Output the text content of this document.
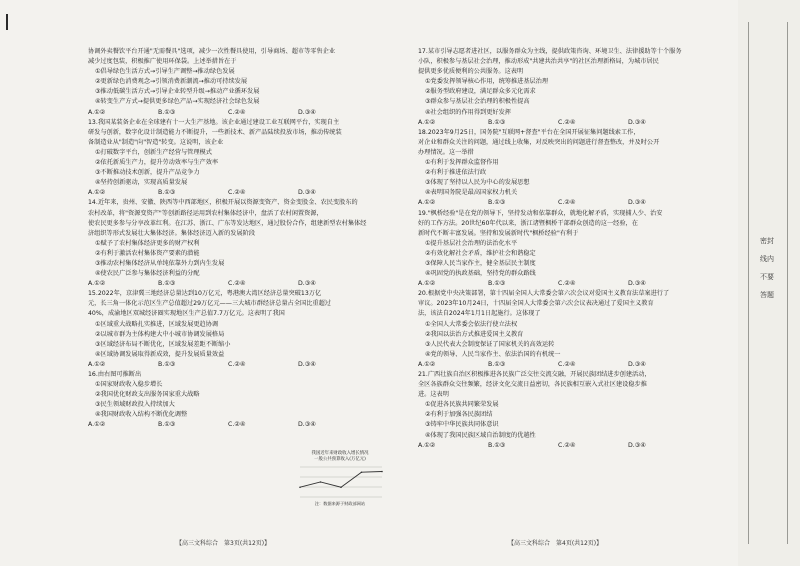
协调外卖餐饮平台开通"无需餐具"选项，减少一次性餐具使用，引导商场、超市等零售企业
减少过度包装，积极推广使用环保袋。上述举措旨在于
①倡导绿色生活方式→引导生产调整→推动绿色发展
②更新绿色消费观念→引领消费新潮流→推动可持续发展
③推动低碳生活方式→引导企业转型升级→推动产业循环发展
④转变生产方式→提供更多绿色产品→实现经济社会绿色发展
A.①②	B.①③	C.②④	D.③④
13.我国某装备企业在全球建有十一大生产基地。该企业通过建设工业互联网平台，实现自主
研发与创新，数字化设计制造能力不断提升，一些新技术、新产品陆续投放市场，推动传统装
备制造业从"制造"向"智造"转变。这说明，该企业
①打破数字平台，创新生产经营与管理模式
②依托新质生产力，提升劳动效率与生产效率
③不断推动技术创新，提升产品竞争力
④坚持创新驱动，实现高质量发展
A.①②	B.①③	C.②④	D.③④
14.近年来，贵州、安徽、陕西等中西部地区，积极开展以资源变资产、资金变股金、农民变股东的
农村改革，将"资源变资产"等创新路径运用到农村集体经济中，盘活了农村闲置资源，
使农民更多参与分享改革红利。在江苏、浙江、广东等发达地区，通过股份合作，组建新型农村集体经
济组织等形式发展壮大集体经济。集体经济迈入新的发展阶段
①赋予了农村集体经济更多的财产权利
②有利于激活农村集体资产要素的潜能
③推动农村集体经济从单纯依靠外力到内生发展
④使农民广泛参与集体经济利益的分配
A.①②	B.①③	C.②④	D.③④
15.2022年，京津冀三地经济总量达到10万亿元，粤港澳大湾区经济总量突破13万亿
元，长三角一体化示范区生产总值超过29万亿元——三大城市群经济总量占全国比重超过
40%，成渝地区双城经济圈实现地区生产总值7.7万亿元。这表明了我国
①区域重大战略扎实推进，区域发展更趋协调
②以城市群为主体构建大中小城市协调发展格局
③区域经济布局不断优化，区域发展差距不断缩小
④区域协调发展取得新成效，提升发展质量效益
A.①②	B.①③	C.②④	D.③④
16.由右图可推断出
①国家财政收入稳步增长
②我国优化财政支出服务国家重大战略
③民生领域财政投入持续加大
④我国财政收入结构不断优化调整
A.①②	B.①③	C.②④	D.③④
17.某市引导志愿者进社区，以服务群众为主线，提供政策咨询、环境卫生、法律援助等十个服务
小队，积极参与基层社会治理，推动形成"共建共治共享"的社区治理新格局，为城市居民
提供更多优质便利的公共服务。这表明
①党委发挥领导核心作用，统筹推进基层治理
②服务型政府建设，满足群众多元化需求
③群众参与基层社会治理的积极性提高
④社会组织的作用得到更好发挥
A.①②	B.①③	C.②④	D.③④
18.2023年9月25日，国务院"互联网+督查"平台在全国开展征集问题线索工作，
对企业和群众关注的问题，通过线上收集，对反映突出的问题进行督查整改，并及时公开
办理情况。这一举措
①有利于发挥群众监督作用
②有利于推进依法行政
③体现了坚持以人民为中心的发展思想
④表明国务院是最高国家权力机关
A.①②	B.①③	C.②④	D.③④
19."枫桥经验"是在党的领导下，坚持发动和依靠群众，就地化解矛盾，实现捕人少、治安
好的工作方法。20世纪60年代以来，浙江诸暨枫桥干部群众创造的这一经验，在
新时代不断丰富发展。坚持和发展新时代"枫桥经验"有利于
①提升基层社会治理的法治化水平
②有效化解社会矛盾，维护社会和谐稳定
③保障人民当家作主，健全基层民主制度
④巩固党的执政基础，坚持党的群众路线
A.①②	B.①③	C.②④	D.③④
20.根据党中央决策部署，第十四届全国人大常委会第六次会议对爱国主义教育法草案进行了
审议。2023年10月24日，十四届全国人大常委会第六次会议表决通过了爱国主义教育
法，该法自2024年1月1日起施行。这体现了
①全国人大常委会依法行使立法权
②我国以法治方式推进爱国主义教育
③人民代表大会制度保证了国家机关的高效运转
④党的领导、人民当家作主、依法治国的有机统一
A.①②	B.①③	C.②④	D.③④
21.广西壮族自治区积极推进各民族广泛交往交流交融，开展民族团结进步创建活动，
全区各族群众交往频繁，经济文化交流日益密切，各民族相互嵌入式社区建设稳步推
进。这表明
①促进各民族共同繁荣发展
②有利于加强各民族团结
③铸牢中华民族共同体意识
④体现了我国民族区域自治制度的优越性
A.①②	B.①③	C.②④	D.③④
我国近年来财政收入增长情况
一般公共预算收入(万亿元)
注：数据来源于财政部网站
【高三文科综合　第3页(共12页)】	【高三文科综合　第4页(共12页)】
密封线内不要答题
